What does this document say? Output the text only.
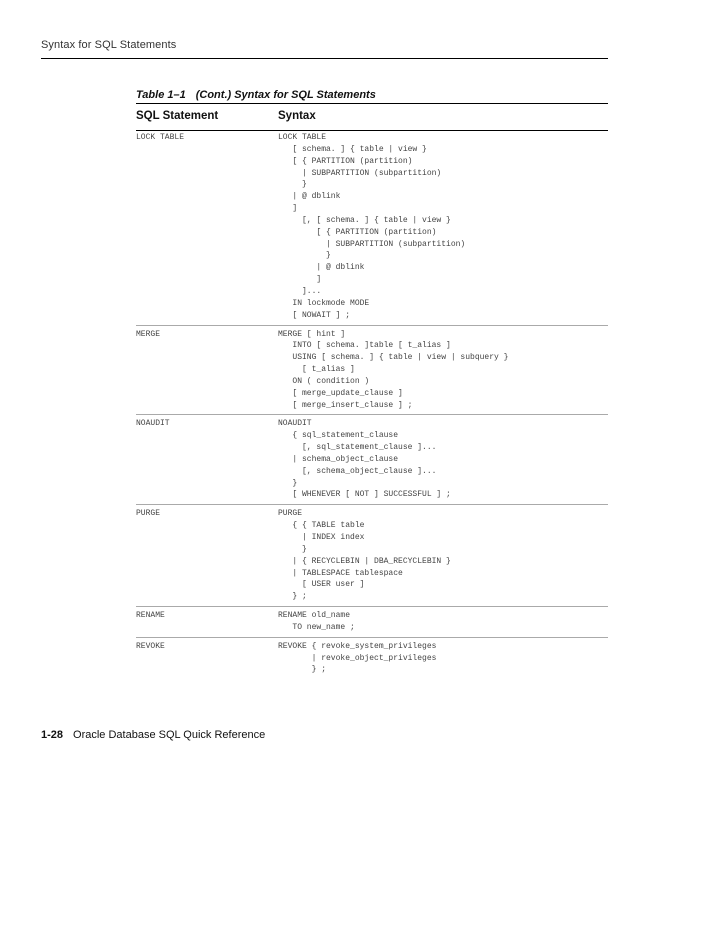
Syntax for SQL Statements
Table 1–1 (Cont.) Syntax for SQL Statements
SQL Statement	Syntax
LOCK TABLE	LOCK TABLE
[ schema. ] { table | view }
[ { PARTITION (partition)
| SUBPARTITION (subpartition)
}
| @ dblink
]
[, [ schema. ] { table | view }
[ { PARTITION (partition)
| SUBPARTITION (subpartition)
}
| @ dblink
]
]...
IN lockmode MODE
[ NOWAIT ] ;
MERGE	MERGE [ hint ]
INTO [ schema. ]table [ t_alias ]
USING [ schema. ] { table | view | subquery }
[ t_alias ]
ON ( condition )
[ merge_update_clause ]
[ merge_insert_clause ] ;
NOAUDIT	NOAUDIT
{ sql_statement_clause
[, sql_statement_clause ]...
| schema_object_clause
[, schema_object_clause ]...
}
[ WHENEVER [ NOT ] SUCCESSFUL ] ;
PURGE	PURGE
{ { TABLE table
| INDEX index
}
| { RECYCLEBIN | DBA_RECYCLEBIN }
| TABLESPACE tablespace
[ USER user ]
} ;
RENAME	RENAME old_name
TO new_name ;
REVOKE	REVOKE { revoke_system_privileges
| revoke_object_privileges
} ;
1-28 Oracle Database SQL Quick Reference
